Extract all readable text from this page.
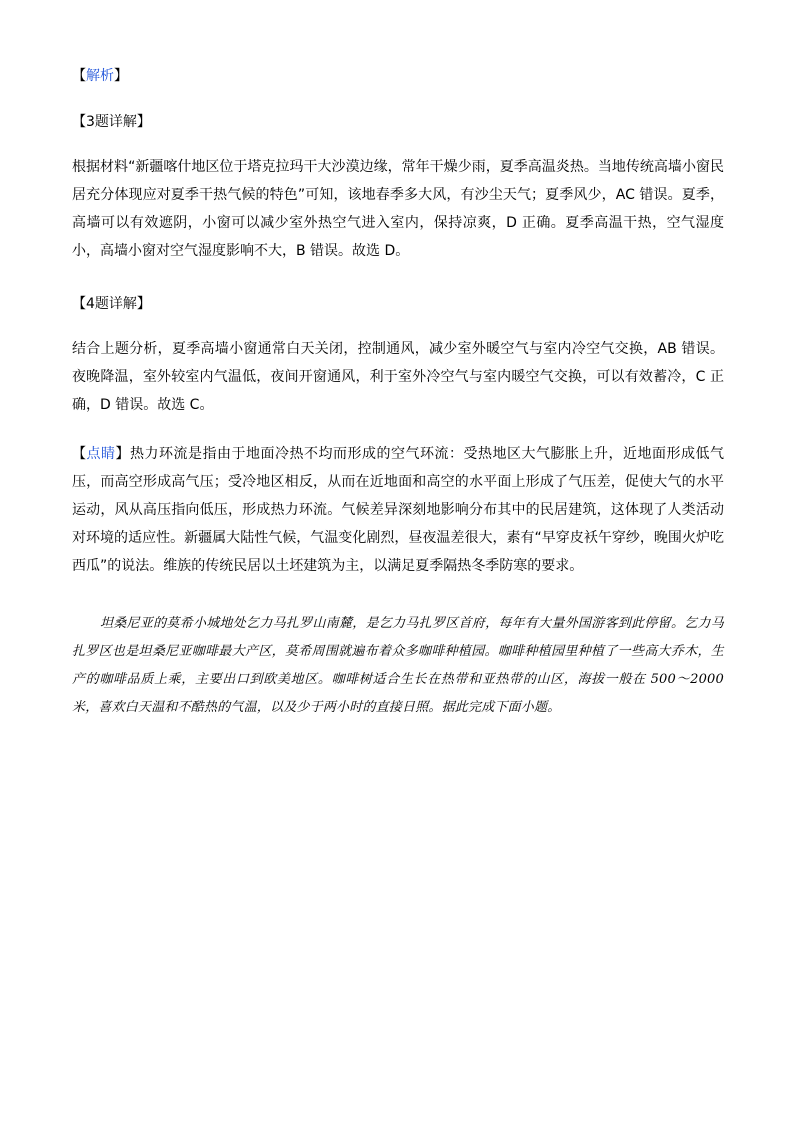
【解析】
【3题详解】
根据材料“新疆喀什地区位于塔克拉玛干大沙漠边缘，常年干燥少雨，夏季高温炎热。当地传统高墙小窗民居充分体现应对夏季干热气候的特色”可知，该地春季多大风，有沙尘天气；夏季风少，AC 错误。夏季，高墙可以有效遮阴，小窗可以减少室外热空气进入室内，保持凉爽，D 正确。夏季高温干热，空气湿度小，高墙小窗对空气湿度影响不大，B 错误。故选 D。
【4题详解】
结合上题分析，夏季高墙小窗通常白天关闭，控制通风，减少室外暖空气与室内冷空气交换，AB 错误。夜晚降温，室外较室内气温低，夜间开窗通风，利于室外冷空气与室内暖空气交换，可以有效蓄冷，C 正确，D 错误。故选 C。
【点睛】热力环流是指由于地面冷热不均而形成的空气环流：受热地区大气膨胀上升，近地面形成低气压，而高空形成高气压；受冷地区相反，从而在近地面和高空的水平面上形成了气压差，促使大气的水平运动，风从高压指向低压，形成热力环流。气候差异深刻地影响分布其中的民居建筑，这体现了人类活动对环境的适应性。新疆属大陆性气候，气温变化剧烈，昼夜温差很大，素有“早穿皮袄午穿纱，晚围火炉吃西瓜”的说法。维族的传统民居以土坯建筑为主，以满足夏季隔热冬季防寒的要求。
坦桑尼亚的莫希小城地处乞力马扎罗山南麓，是乞力马扎罗区首府，每年有大量外国游客到此停留。乞力马扎罗区也是坦桑尼亚咖啡最大产区，莫希周围就遍布着众多咖啡种植园。咖啡种植园里种植了一些高大乔木，生产的咖啡品质上乘，主要出口到欧美地区。咖啡树适合生长在热带和亚热带的山区，海拔一般在 500～2000 米，喜欢白天温和不酷热的气温，以及少于两小时的直接日照。据此完成下面小题。
